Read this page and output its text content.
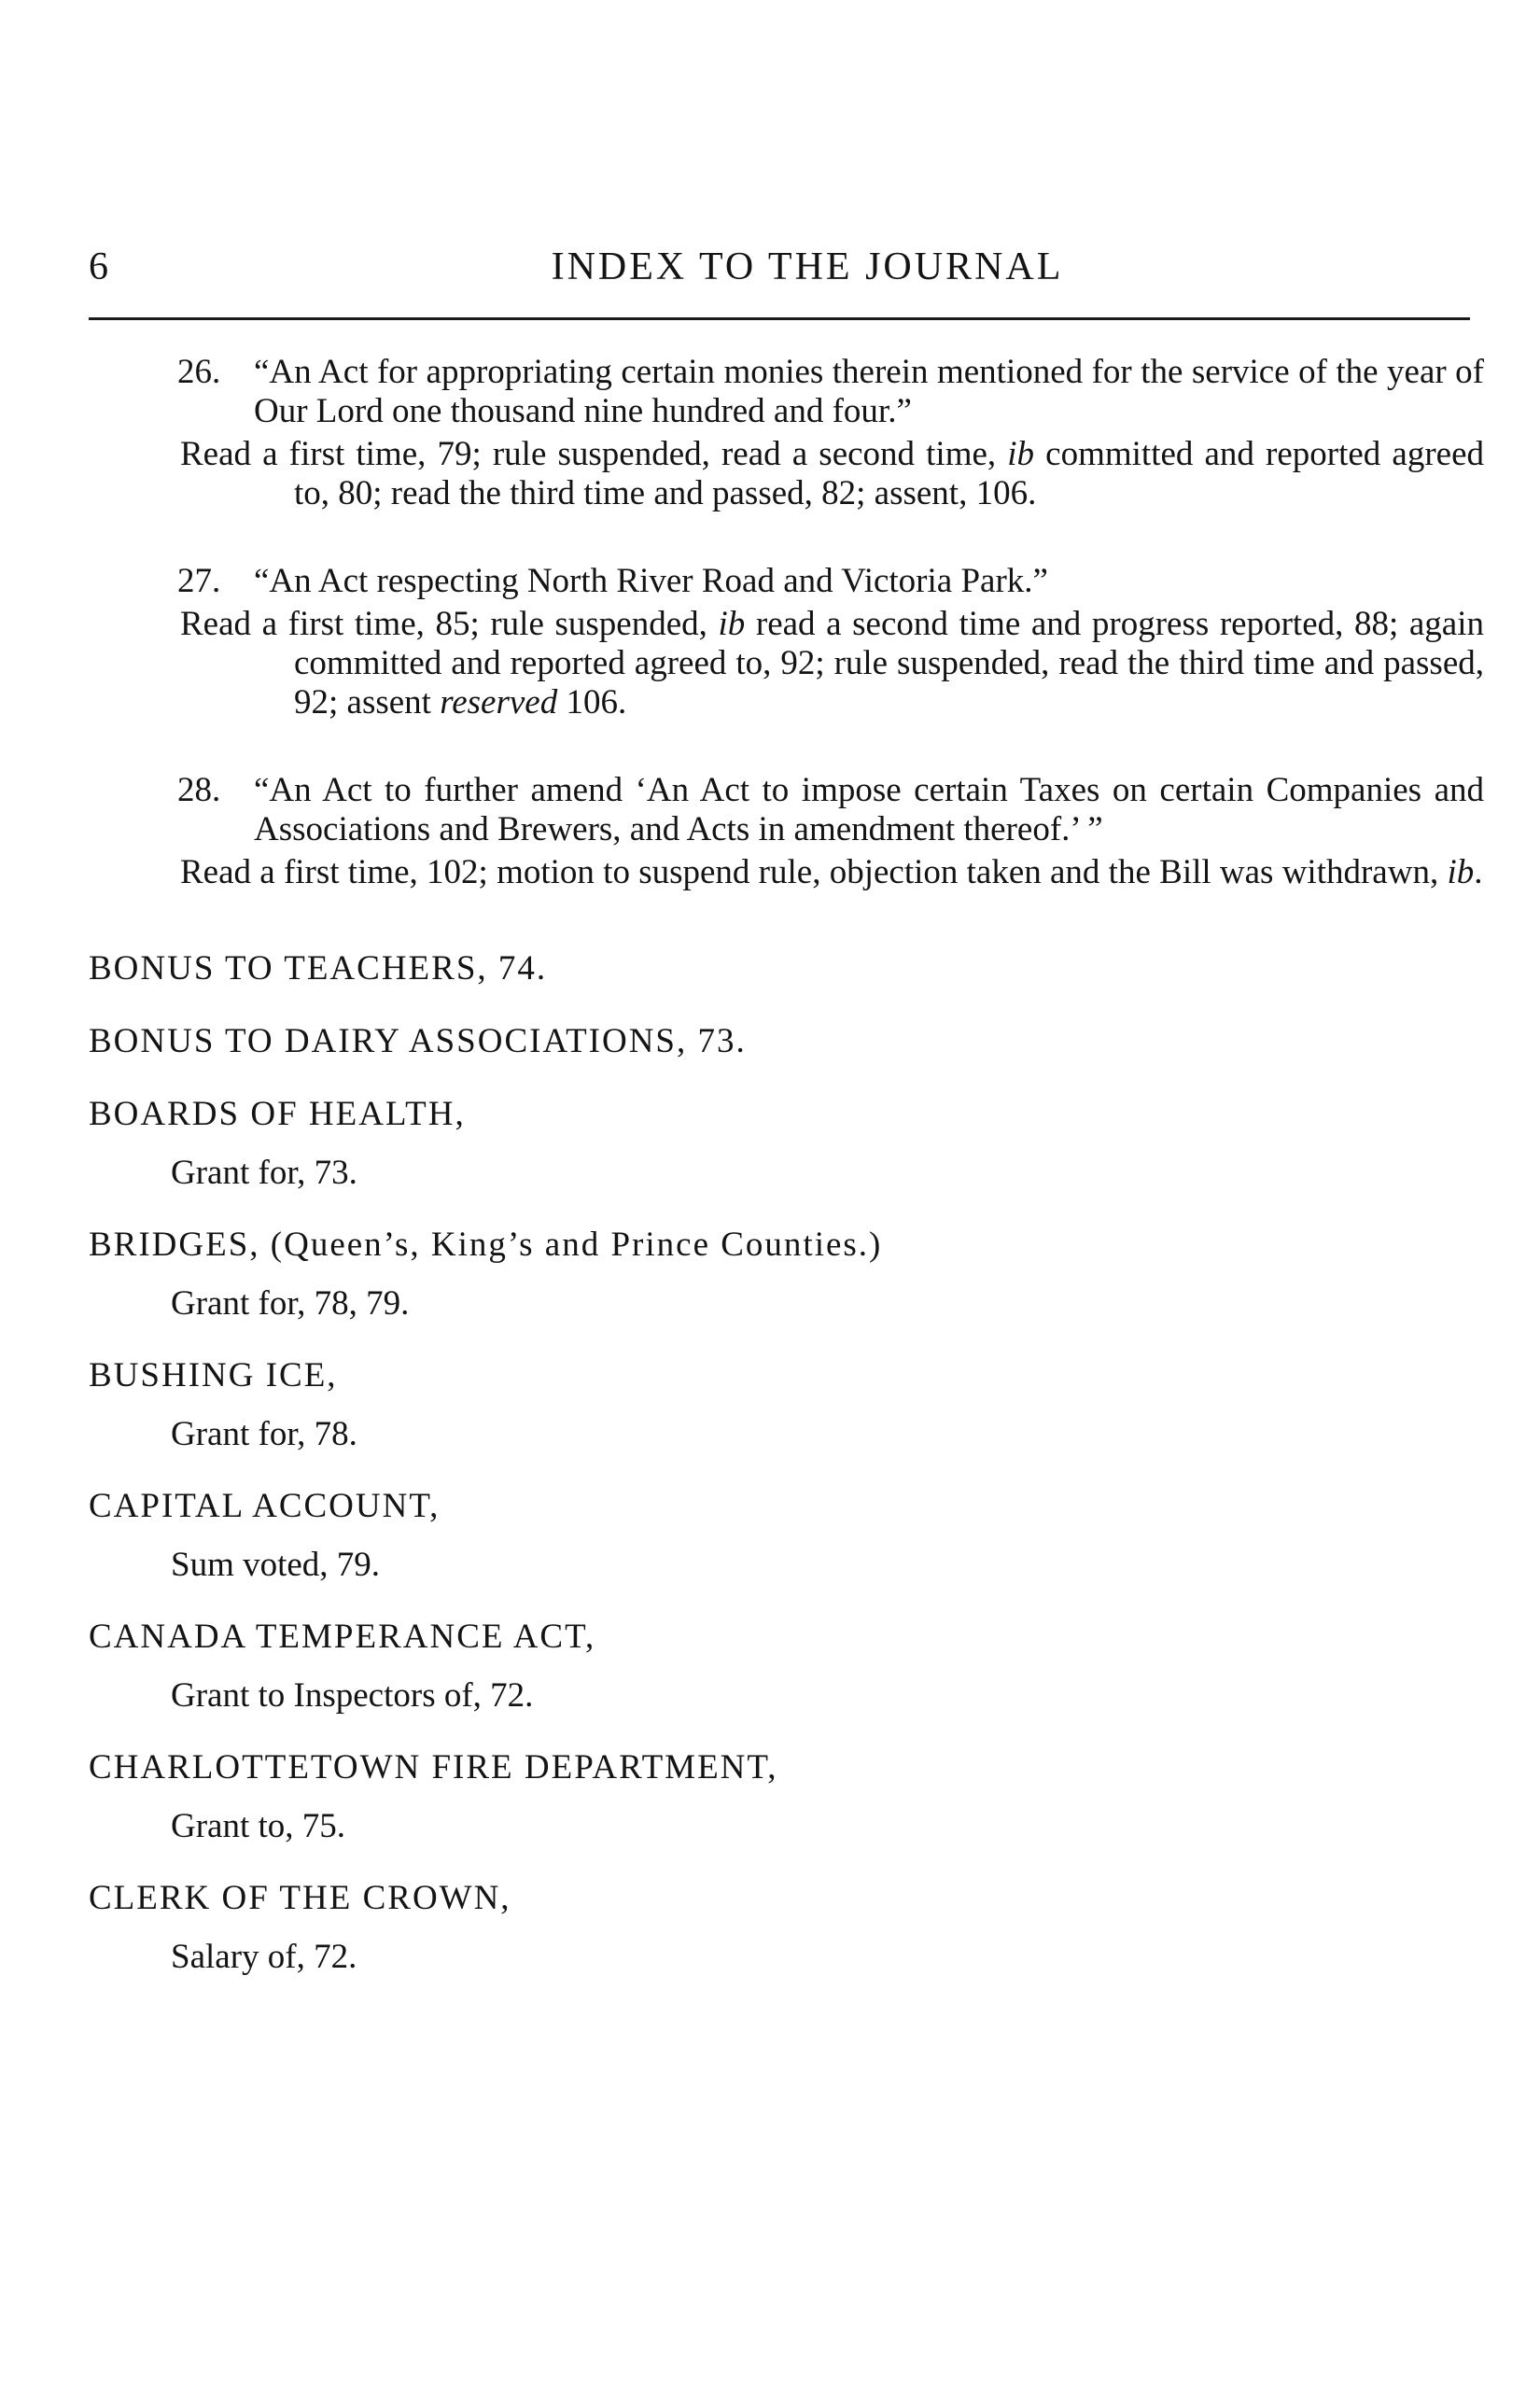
6	INDEX TO THE JOURNAL
26. “An Act for appropriating certain monies therein mentioned for the service of the year of Our Lord one thousand nine hundred and four.”
Read a first time, 79; rule suspended, read a second time, ib committed and reported agreed to, 80; read the third time and passed, 82; assent, 106.
27. “An Act respecting North River Road and Victoria Park.”
Read a first time, 85; rule suspended, ib read a second time and progress reported, 88; again committed and reported agreed to, 92; rule suspended, read the third time and passed, 92; assent reserved 106.
28. “An Act to further amend ‘An Act to impose certain Taxes on certain Companies and Associations and Brewers, and Acts in amendment thereof.’ ”
Read a first time, 102; motion to suspend rule, objection taken and the Bill was withdrawn, ib.
BONUS TO TEACHERS, 74.
BONUS TO DAIRY ASSOCIATIONS, 73.
BOARDS OF HEALTH,
Grant for, 73.
BRIDGES, (Queen’s, King’s and Prince Counties.)
Grant for, 78, 79.
BUSHING ICE,
Grant for, 78.
CAPITAL ACCOUNT,
Sum voted, 79.
CANADA TEMPERANCE ACT,
Grant to Inspectors of, 72.
CHARLOTTETOWN FIRE DEPARTMENT,
Grant to, 75.
CLERK OF THE CROWN,
Salary of, 72.
